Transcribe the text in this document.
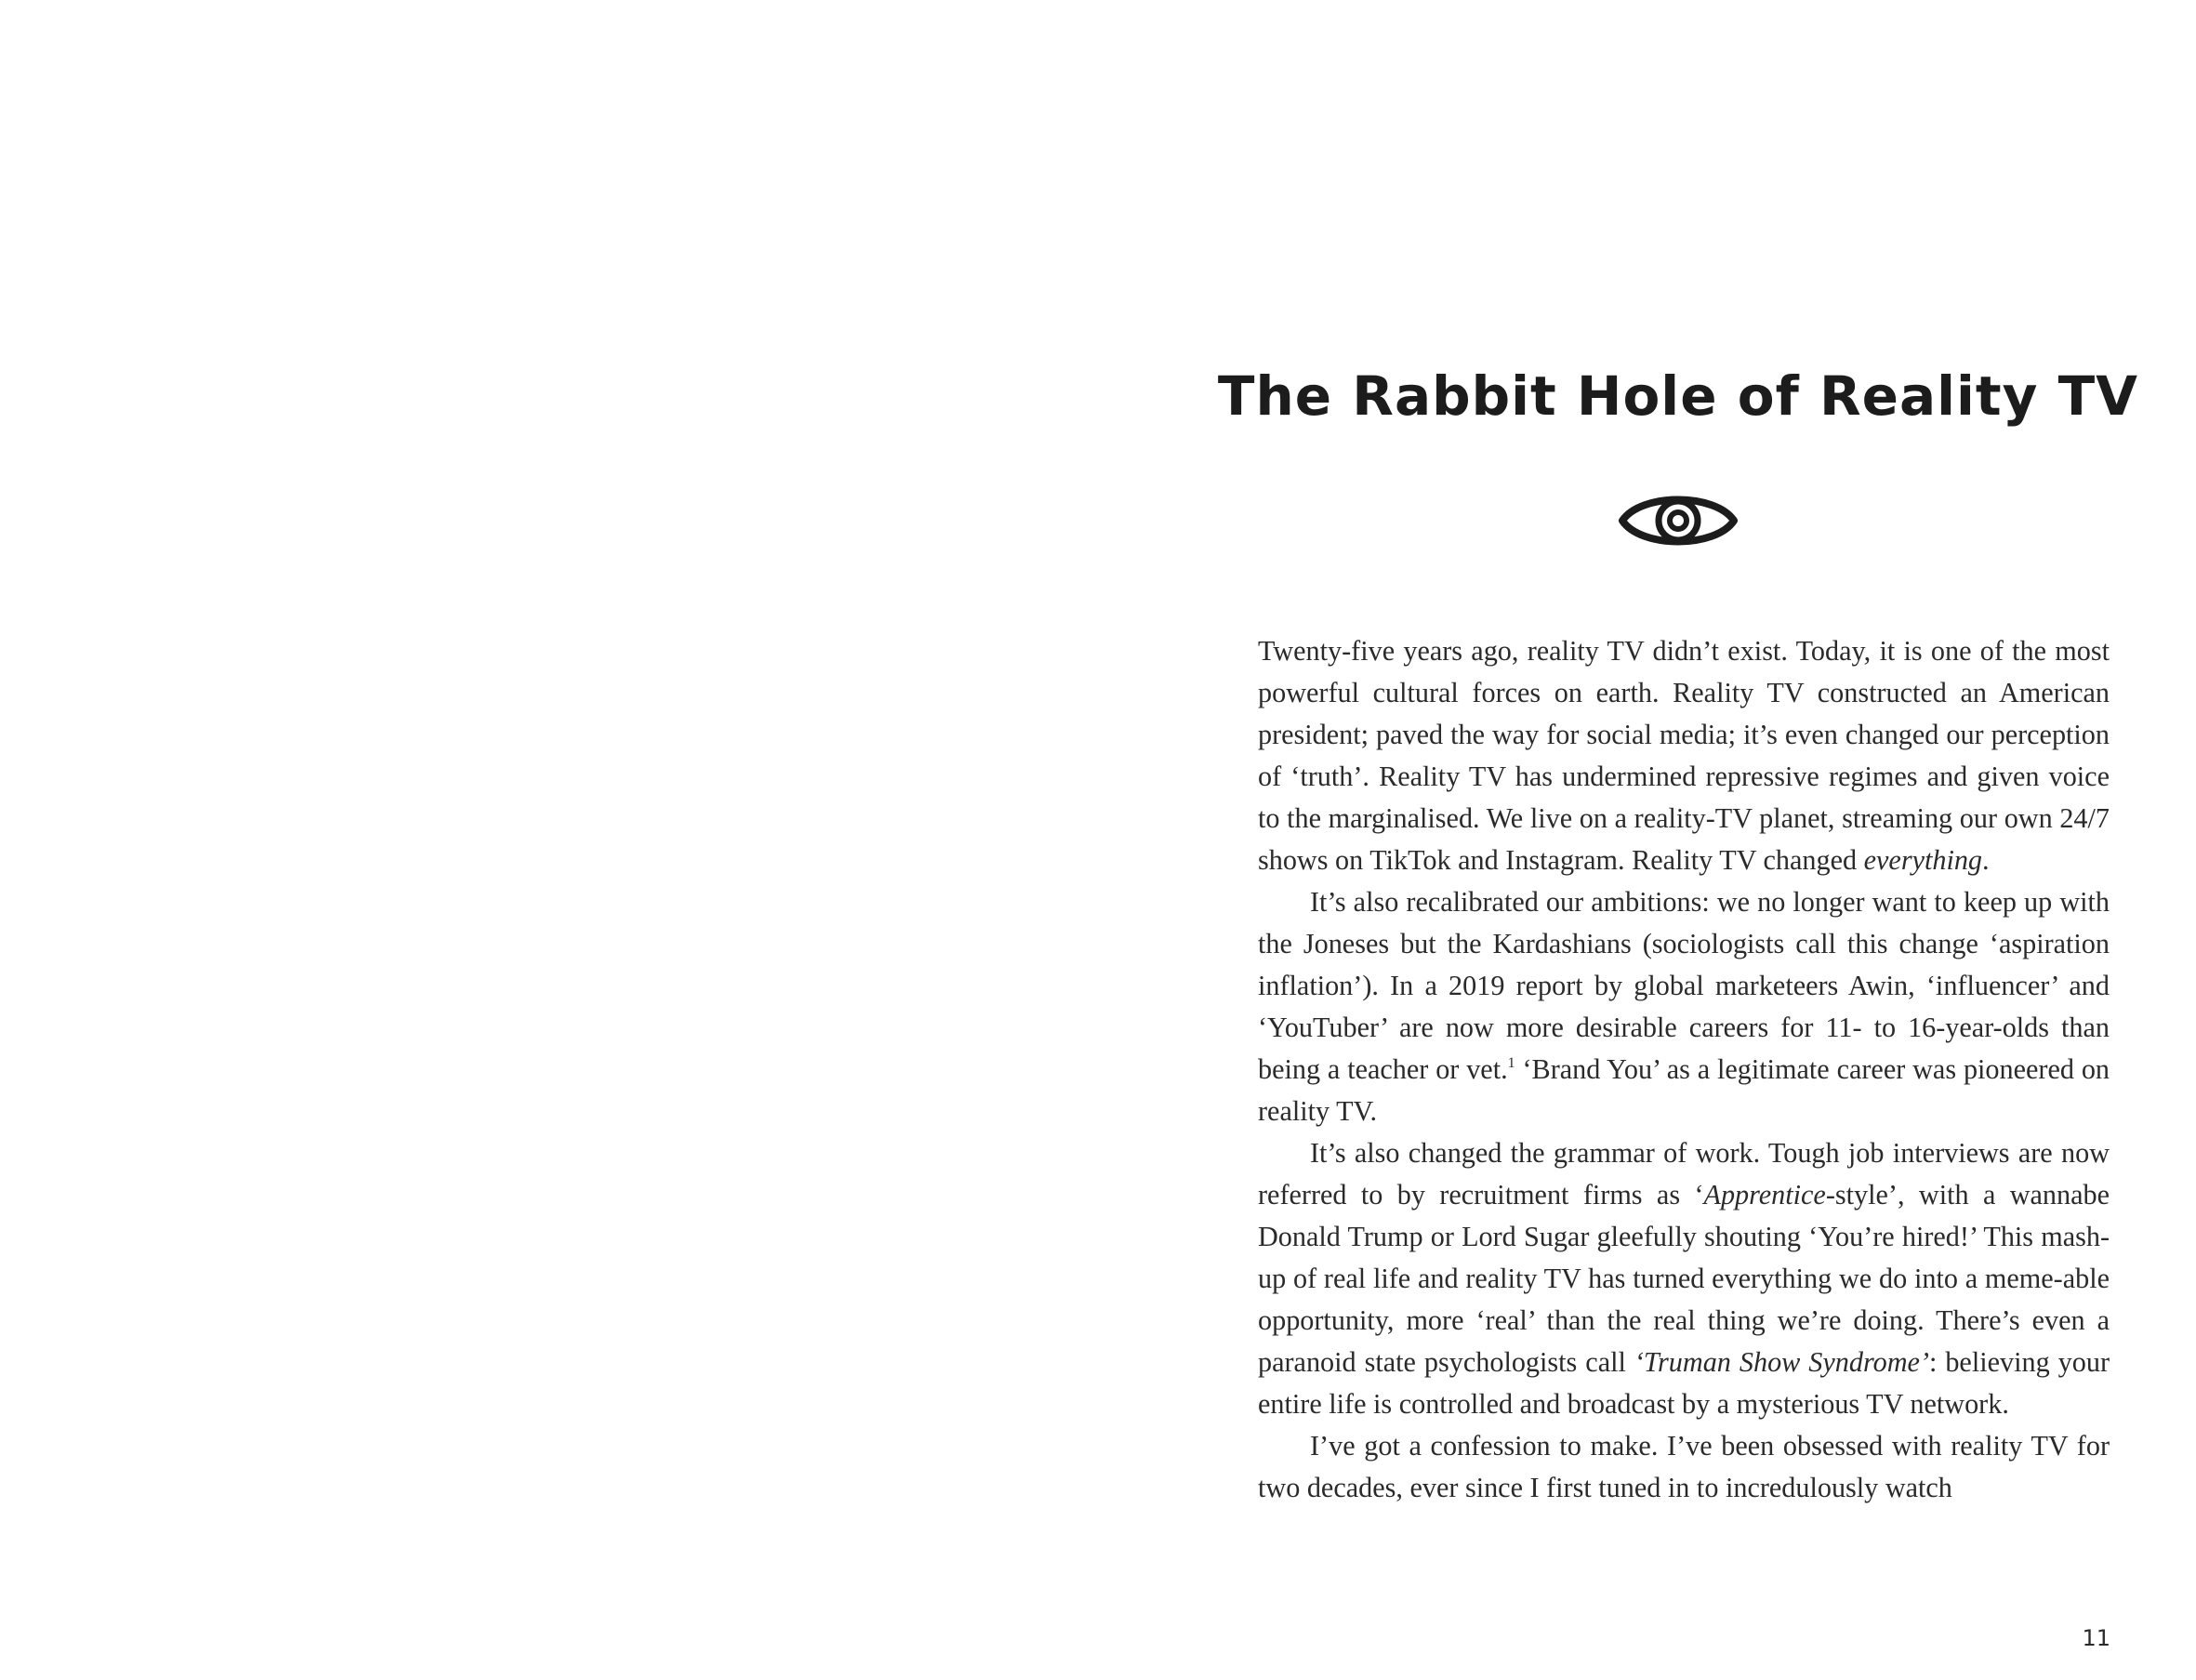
The Rabbit Hole of Reality TV

Twenty-five years ago, reality TV didn’t exist. Today, it is one of the most powerful cultural forces on earth. Reality TV constructed an American president; paved the way for social media; it’s even changed our perception of ‘truth’. Reality TV has undermined repressive regimes and given voice to the marginalised. We live on a reality-TV planet, streaming our own 24/7 shows on TikTok and Instagram. Reality TV changed everything.

It’s also recalibrated our ambitions: we no longer want to keep up with the Joneses but the Kardashians (sociologists call this change ‘aspiration inflation’). In a 2019 report by global marketeers Awin, ‘influencer’ and ‘YouTuber’ are now more desirable careers for 11- to 16-year-olds than being a teacher or vet.$^1$ ‘Brand You’ as a legitimate career was pioneered on reality TV.

It’s also changed the grammar of work. Tough job interviews are now referred to by recruitment firms as ‘Apprentice-style’, with a wannabe Donald Trump or Lord Sugar gleefully shouting ‘You’re hired!’ This mash-up of real life and reality TV has turned everything we do into a meme-able opportunity, more ‘real’ than the real thing we’re doing. There’s even a paranoid state psychologists call ‘Truman Show Syndrome’: believing your entire life is controlled and broadcast by a mysterious TV network.

I’ve got a confession to make. I’ve been obsessed with reality TV for two decades, ever since I first tuned in to incredulously watch

11
